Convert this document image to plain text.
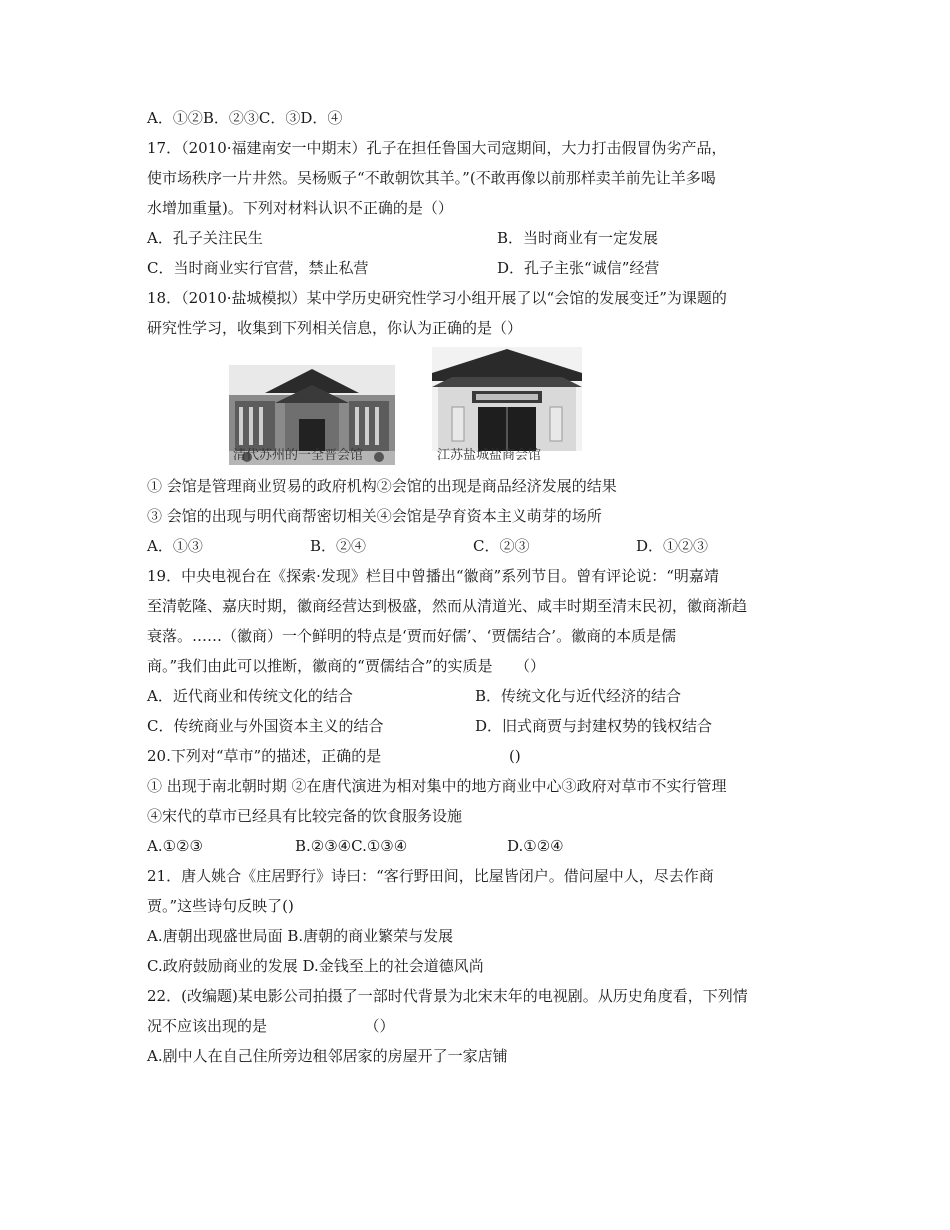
A．①②B．②③C．③D．④
17．（2010·福建南安一中期末）孔子在担任鲁国大司寇期间，大力打击假冒伪劣产品，
使市场秩序一片井然。吴杨贩子“不敢朝饮其羊。”(不敢再像以前那样卖羊前先让羊多喝
水增加重量)。下列对材料认识不正确的是（）
A．孔子关注民生	B．当时商业有一定发展
C．当时商业实行官营，禁止私营	D．孔子主张“诚信”经营
18．（2010·盐城模拟）某中学历史研究性学习小组开展了以“会馆的发展变迁”为课题的
研究性学习，收集到下列相关信息，你认为正确的是（）
清代苏州的一全晋会馆	江苏盐城盐商会馆
① 会馆是管理商业贸易的政府机构②会馆的出现是商品经济发展的结果
③ 会馆的出现与明代商帮密切相关④会馆是孕育资本主义萌芽的场所
A．①③	B．②④	C．②③	D．①②③
19．中央电视台在《探索·发现》栏目中曾播出“徽商”系列节目。曾有评论说：“明嘉靖
至清乾隆、嘉庆时期，徽商经营达到极盛，然而从清道光、咸丰时期至清末民初，徽商渐趋
衰落。……（徽商）一个鲜明的特点是‘贾而好儒’、‘贾儒结合’。徽商的本质是儒
商。”我们由此可以推断，徽商的“贾儒结合”的实质是　　（）
A．近代商业和传统文化的结合	B．传统文化与近代经济的结合
C．传统商业与外国资本主义的结合	D．旧式商贾与封建权势的钱权结合
20.下列对“草市”的描述，正确的是	()
① 出现于南北朝时期 ②在唐代演进为相对集中的地方商业中心③政府对草市不实行管理
④宋代的草市已经具有比较完备的饮食服务设施
A.①②③	B.②③④C.①③④	D.①②④
21．唐人姚合《庄居野行》诗曰：“客行野田间，比屋皆闭户。借问屋中人，尽去作商
贾。”这些诗句反映了()
A.唐朝出现盛世局面 B.唐朝的商业繁荣与发展
C.政府鼓励商业的发展 D.金钱至上的社会道德风尚
22．(改编题)某电影公司拍摄了一部时代背景为北宋末年的电视剧。从历史角度看，下列情
况不应该出现的是　　　　　　　（）
A.剧中人在自己住所旁边租邻居家的房屋开了一家店铺
